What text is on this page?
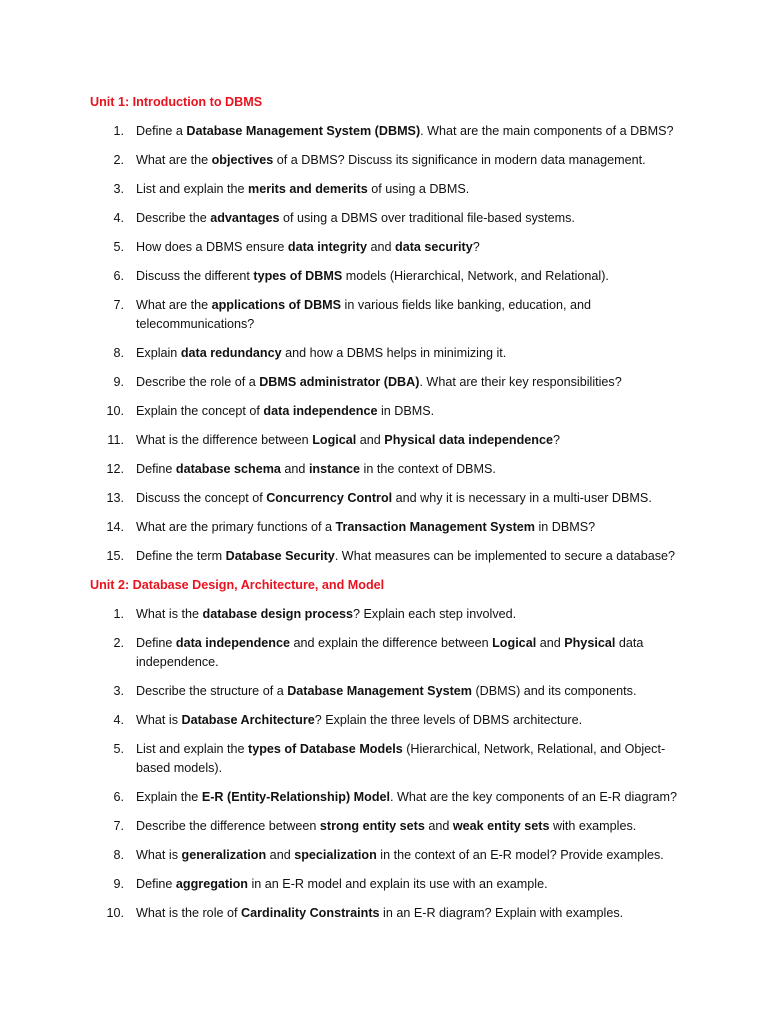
Unit 1: Introduction to DBMS
1. Define a Database Management System (DBMS). What are the main components of a DBMS?
2. What are the objectives of a DBMS? Discuss its significance in modern data management.
3. List and explain the merits and demerits of using a DBMS.
4. Describe the advantages of using a DBMS over traditional file-based systems.
5. How does a DBMS ensure data integrity and data security?
6. Discuss the different types of DBMS models (Hierarchical, Network, and Relational).
7. What are the applications of DBMS in various fields like banking, education, and telecommunications?
8. Explain data redundancy and how a DBMS helps in minimizing it.
9. Describe the role of a DBMS administrator (DBA). What are their key responsibilities?
10. Explain the concept of data independence in DBMS.
11. What is the difference between Logical and Physical data independence?
12. Define database schema and instance in the context of DBMS.
13. Discuss the concept of Concurrency Control and why it is necessary in a multi-user DBMS.
14. What are the primary functions of a Transaction Management System in DBMS?
15. Define the term Database Security. What measures can be implemented to secure a database?
Unit 2: Database Design, Architecture, and Model
1. What is the database design process? Explain each step involved.
2. Define data independence and explain the difference between Logical and Physical data independence.
3. Describe the structure of a Database Management System (DBMS) and its components.
4. What is Database Architecture? Explain the three levels of DBMS architecture.
5. List and explain the types of Database Models (Hierarchical, Network, Relational, and Object-based models).
6. Explain the E-R (Entity-Relationship) Model. What are the key components of an E-R diagram?
7. Describe the difference between strong entity sets and weak entity sets with examples.
8. What is generalization and specialization in the context of an E-R model? Provide examples.
9. Define aggregation in an E-R model and explain its use with an example.
10. What is the role of Cardinality Constraints in an E-R diagram? Explain with examples.
